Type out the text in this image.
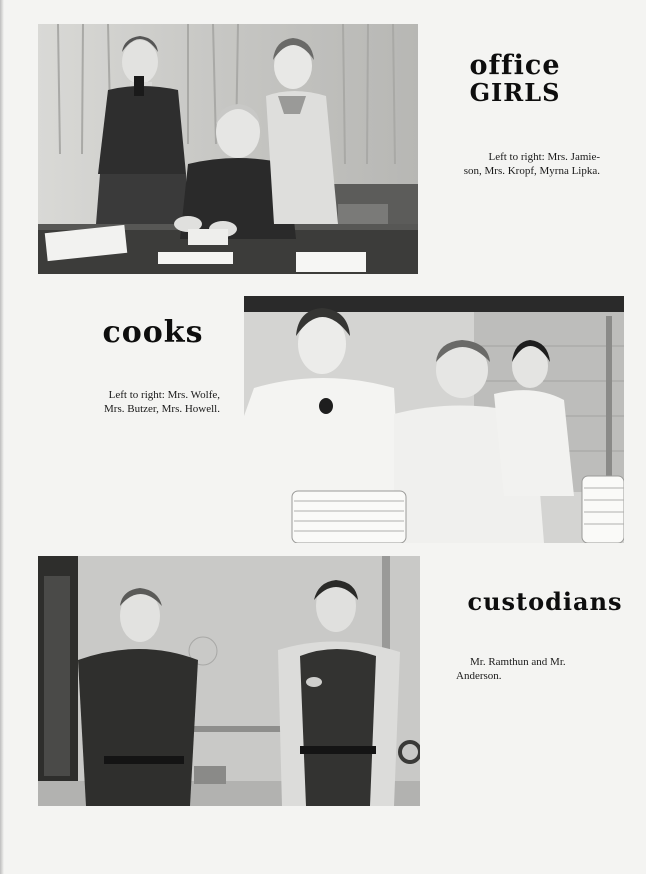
office
GIRLS

Left to right: Mrs. Jamie-
son, Mrs. Kropf, Myrna Lipka.

cooks

Left to right: Mrs. Wolfe,
Mrs. Butzer, Mrs. Howell.

custodians

Mr. Ramthun and Mr.
Anderson.
